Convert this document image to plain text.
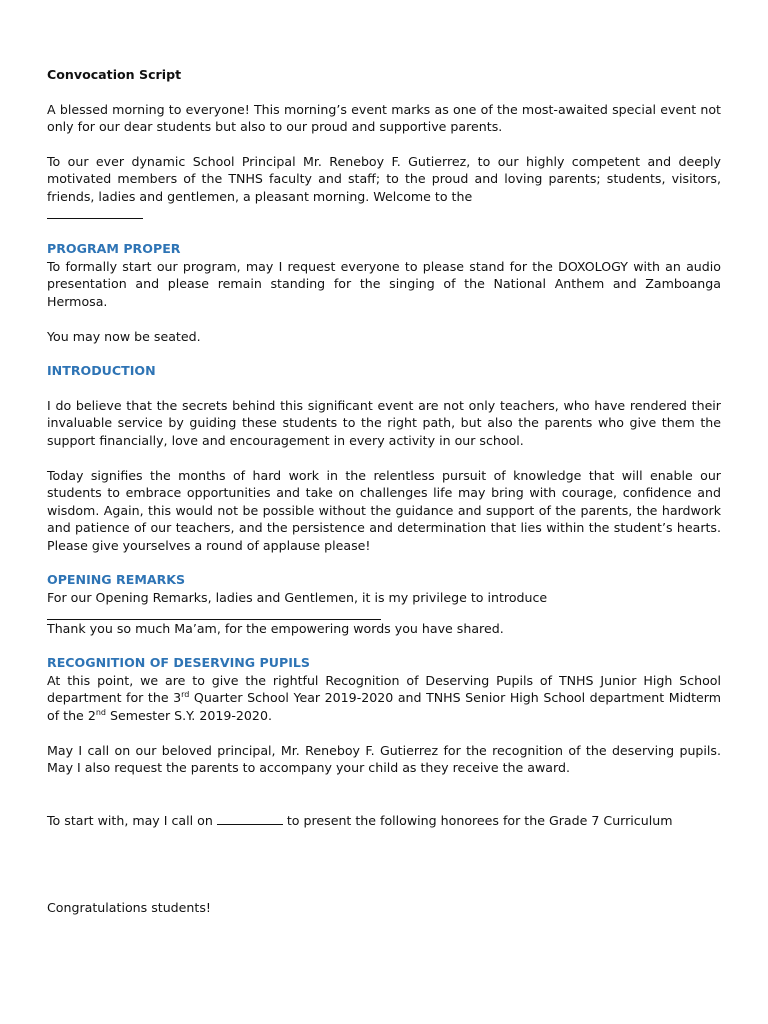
Convocation Script

A blessed morning to everyone! This morning’s event marks as one of the most-awaited special event not only for our dear students but also to our proud and supportive parents.

To our ever dynamic School Principal Mr. Reneboy F. Gutierrez, to our highly competent and deeply motivated members of the TNHS faculty and staff; to the proud and loving parents; students, visitors, friends, ladies and gentlemen, a pleasant morning. Welcome to the

PROGRAM PROPER

To formally start our program, may I request everyone to please stand for the DOXOLOGY with an audio presentation and please remain standing for the singing of the National Anthem and Zamboanga Hermosa.

You may now be seated.

INTRODUCTION

I do believe that the secrets behind this significant event are not only teachers, who have rendered their invaluable service by guiding these students to the right path, but also the parents who give them the support financially, love and encouragement in every activity in our school.

Today signifies the months of hard work in the relentless pursuit of knowledge that will enable our students to embrace opportunities and take on challenges life may bring with courage, confidence and wisdom. Again, this would not be possible without the guidance and support of the parents, the hardwork and patience of our teachers, and the persistence and determination that lies within the student’s hearts. Please give yourselves a round of applause please!

OPENING REMARKS

For our Opening Remarks, ladies and Gentlemen, it is my privilege to introduce

Thank you so much Ma’am, for the empowering words you have shared.

RECOGNITION OF DESERVING PUPILS

At this point, we are to give the rightful Recognition of Deserving Pupils of TNHS Junior High School department for the 3rd Quarter School Year 2019-2020 and TNHS Senior High School department Midterm of the 2nd Semester S.Y. 2019-2020.

May I call on our beloved principal, Mr. Reneboy F. Gutierrez for the recognition of the deserving pupils. May I also request the parents to accompany your child as they receive the award.

To start with, may I call on	to present the following honorees for the Grade 7 Curriculum

Congratulations students!
